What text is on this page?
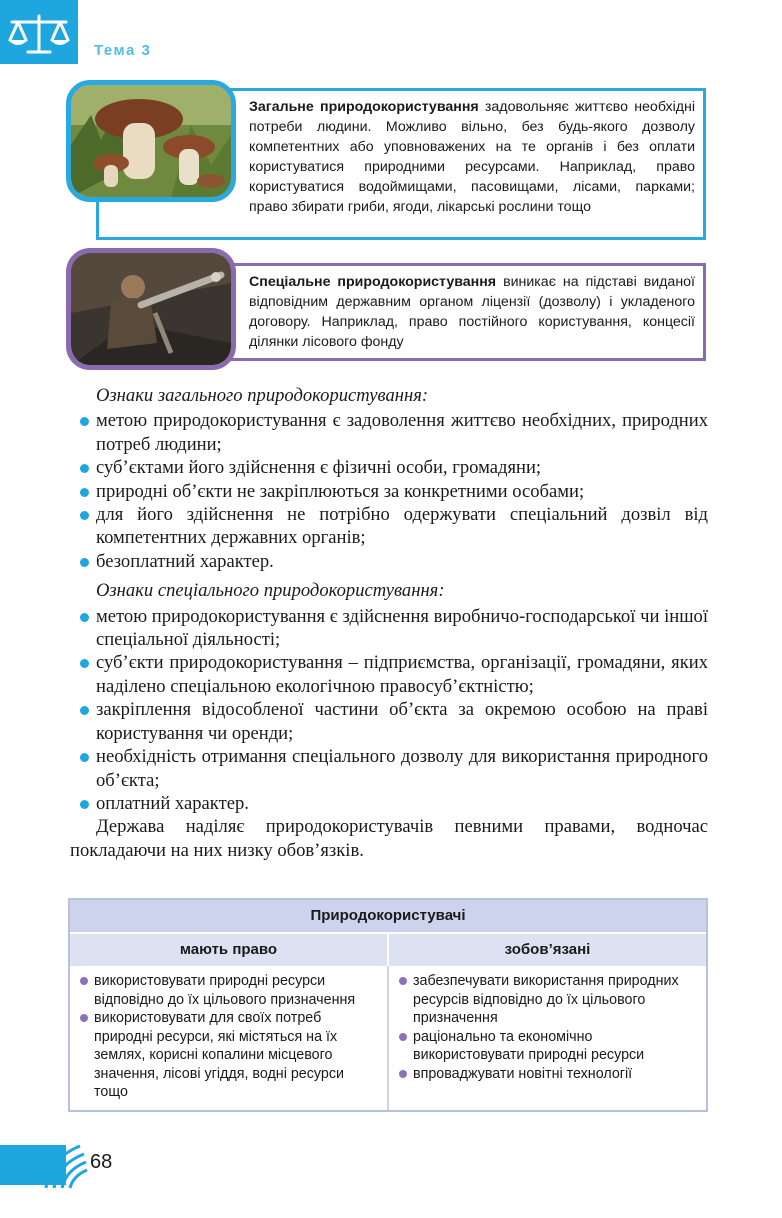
Тема 3
Загальне природокористування задовольняє життєво необхідні потреби людини. Можливо вільно, без будь-якого дозволу компетентних або уповноважених на те органів і без оплати користуватися природними ресурсами. Наприклад, право користуватися водоймищами, пасовищами, лісами, парками; право збирати гриби, ягоди, лікарські рослини тощо
Спеціальне природокористування виникає на підставі виданої відповідним державним органом ліцензії (дозволу) і укладеного договору. Наприклад, право постійного користування, концесії ділянки лісового фонду

Ознаки загального природокористування:

метою природокористування є задоволення життєво необхідних, природних потреб людини;
суб’єктами його здійснення є фізичні особи, громадяни;
природні об’єкти не закріплюються за конкретними особами;
для його здійснення не потрібно одержувати спеціальний дозвіл від компетентних державних органів;
безоплатний характер.

Ознаки спеціального природокористування:

метою природокористування є здійснення виробничо-господарської чи іншої спеціальної діяльності;
суб’єкти природокористування – підприємства, організації, громадяни, яких наділено спеціальною екологічною правосуб’єктністю;
закріплення відособленої частини об’єкта за окремою особою на праві користування чи оренди;
необхідність отримання спеціального дозволу для використання природного об’єкта;
оплатний характер.

Держава наділяє природокористувачів певними правами, водночас покладаючи на них низку обов’язків.

Природокористувачі
мають право	зобов’язані
використовувати природні ресурси відповідно до їх цільового призначення
використовувати для своїх потреб природні ресурси, які містяться на їх землях, корисні копалини місцевого значення, лісові угіддя, водні ресурси тощо
забезпечувати використання природних ресурсів відповідно до їх цільового призначення
раціонально та економічно використовувати природні ресурси
впроваджувати новітні технології
68
